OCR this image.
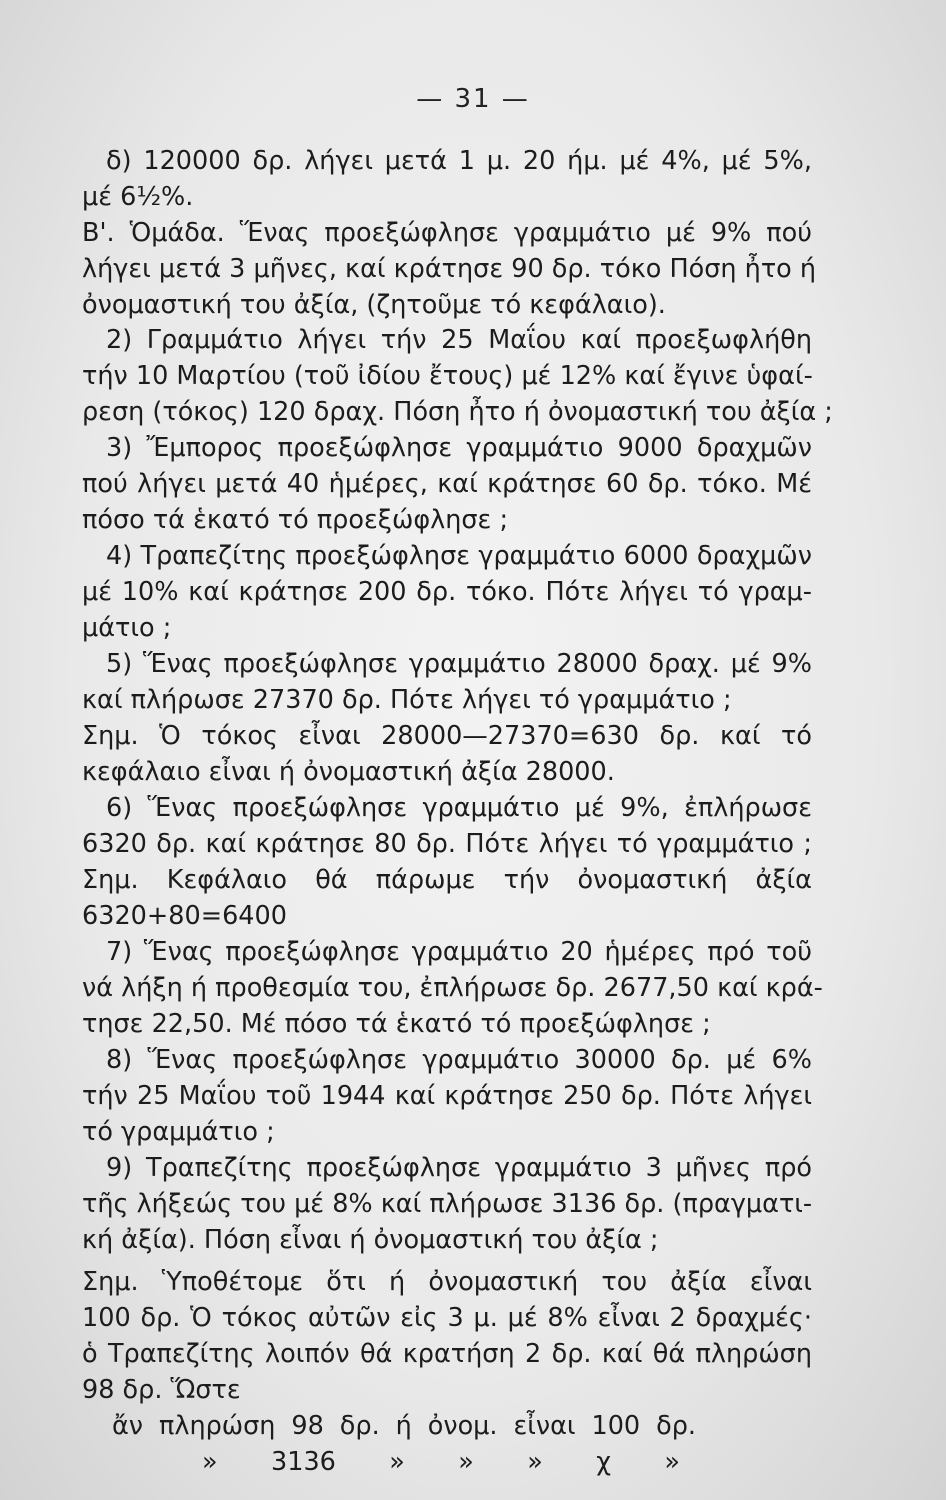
— 31 —

δ) 120000 δρ. λήγει μετά 1 μ. 20 ήμ. μέ 4%, μέ 5%,

μέ 6½%.

Β'. Ὁμάδα. Ἕνας προεξώφλησε γραμμάτιο μέ 9% πού

λήγει μετά 3 μῆνες, καί κράτησε 90 δρ. τόκο Πόση ἦτο ή

ὀνομαστική του ἀξία, (ζητοῦμε τό κεφάλαιο).

2) Γραμμάτιο λήγει τήν 25 Μαΐου καί προεξωφλήθη

τήν 10 Μαρτίου (τοῦ ἰδίου ἔτους) μέ 12% καί ἔγινε ὑφαί-

ρεση (τόκος) 120 δραχ. Πόση ἦτο ή ὀνομαστική του ἀξία ;

3) Ἔμπορος προεξώφλησε γραμμάτιο 9000 δραχμῶν

πού λήγει μετά 40 ἡμέρες, καί κράτησε 60 δρ. τόκο. Μέ

πόσο τά ἑκατό τό προεξώφλησε ;

4) Τραπεζίτης προεξώφλησε γραμμάτιο 6000 δραχμῶν

μέ 10% καί κράτησε 200 δρ. τόκο. Πότε λήγει τό γραμ-

μάτιο ;

5) Ἕνας προεξώφλησε γραμμάτιο 28000 δραχ. μέ 9%

καί πλήρωσε 27370 δρ. Πότε λήγει τό γραμμάτιο ;

Σημ. Ὁ τόκος εἶναι 28000—27370=630 δρ. καί τό

κεφάλαιο εἶναι ή ὀνομαστική ἀξία 28000.

6) Ἕνας προεξώφλησε γραμμάτιο μέ 9%, ἐπλήρωσε

6320 δρ. καί κράτησε 80 δρ. Πότε λήγει τό γραμμάτιο ;

Σημ. Κεφάλαιο θά πάρωμε τήν ὀνομαστική ἀξία

6320+80=6400

7) Ἕνας προεξώφλησε γραμμάτιο 20 ἡμέρες πρό τοῦ

νά λήξη ή προθεσμία του, ἐπλήρωσε δρ. 2677,50 καί κρά-

τησε 22,50. Μέ πόσο τά ἑκατό τό προεξώφλησε ;

8) Ἕνας προεξώφλησε γραμμάτιο 30000 δρ. μέ 6%

τήν 25 Μαΐου τοῦ 1944 καί κράτησε 250 δρ. Πότε λήγει

τό γραμμάτιο ;

9) Τραπεζίτης προεξώφλησε γραμμάτιο 3 μῆνες πρό

τῆς λήξεώς του μέ 8% καί πλήρωσε 3136 δρ. (πραγματι-

κή ἀξία). Πόση εἶναι ή ὀνομαστική του ἀξία ;

Σημ. Ὑποθέτομε ὅτι ή ὀνομαστική του ἀξία εἶναι

100 δρ. Ὁ τόκος αὐτῶν εἰς 3 μ. μέ 8% εἶναι 2 δραχμές·

ὁ Τραπεζίτης λοιπόν θά κρατήση 2 δρ. καί θά πληρώση

98 δρ. Ὥστε

ἄν πληρώση 98 δρ. ή ὀνομ. εἶναι 100 δρ.

» 3136 » » » χ »
